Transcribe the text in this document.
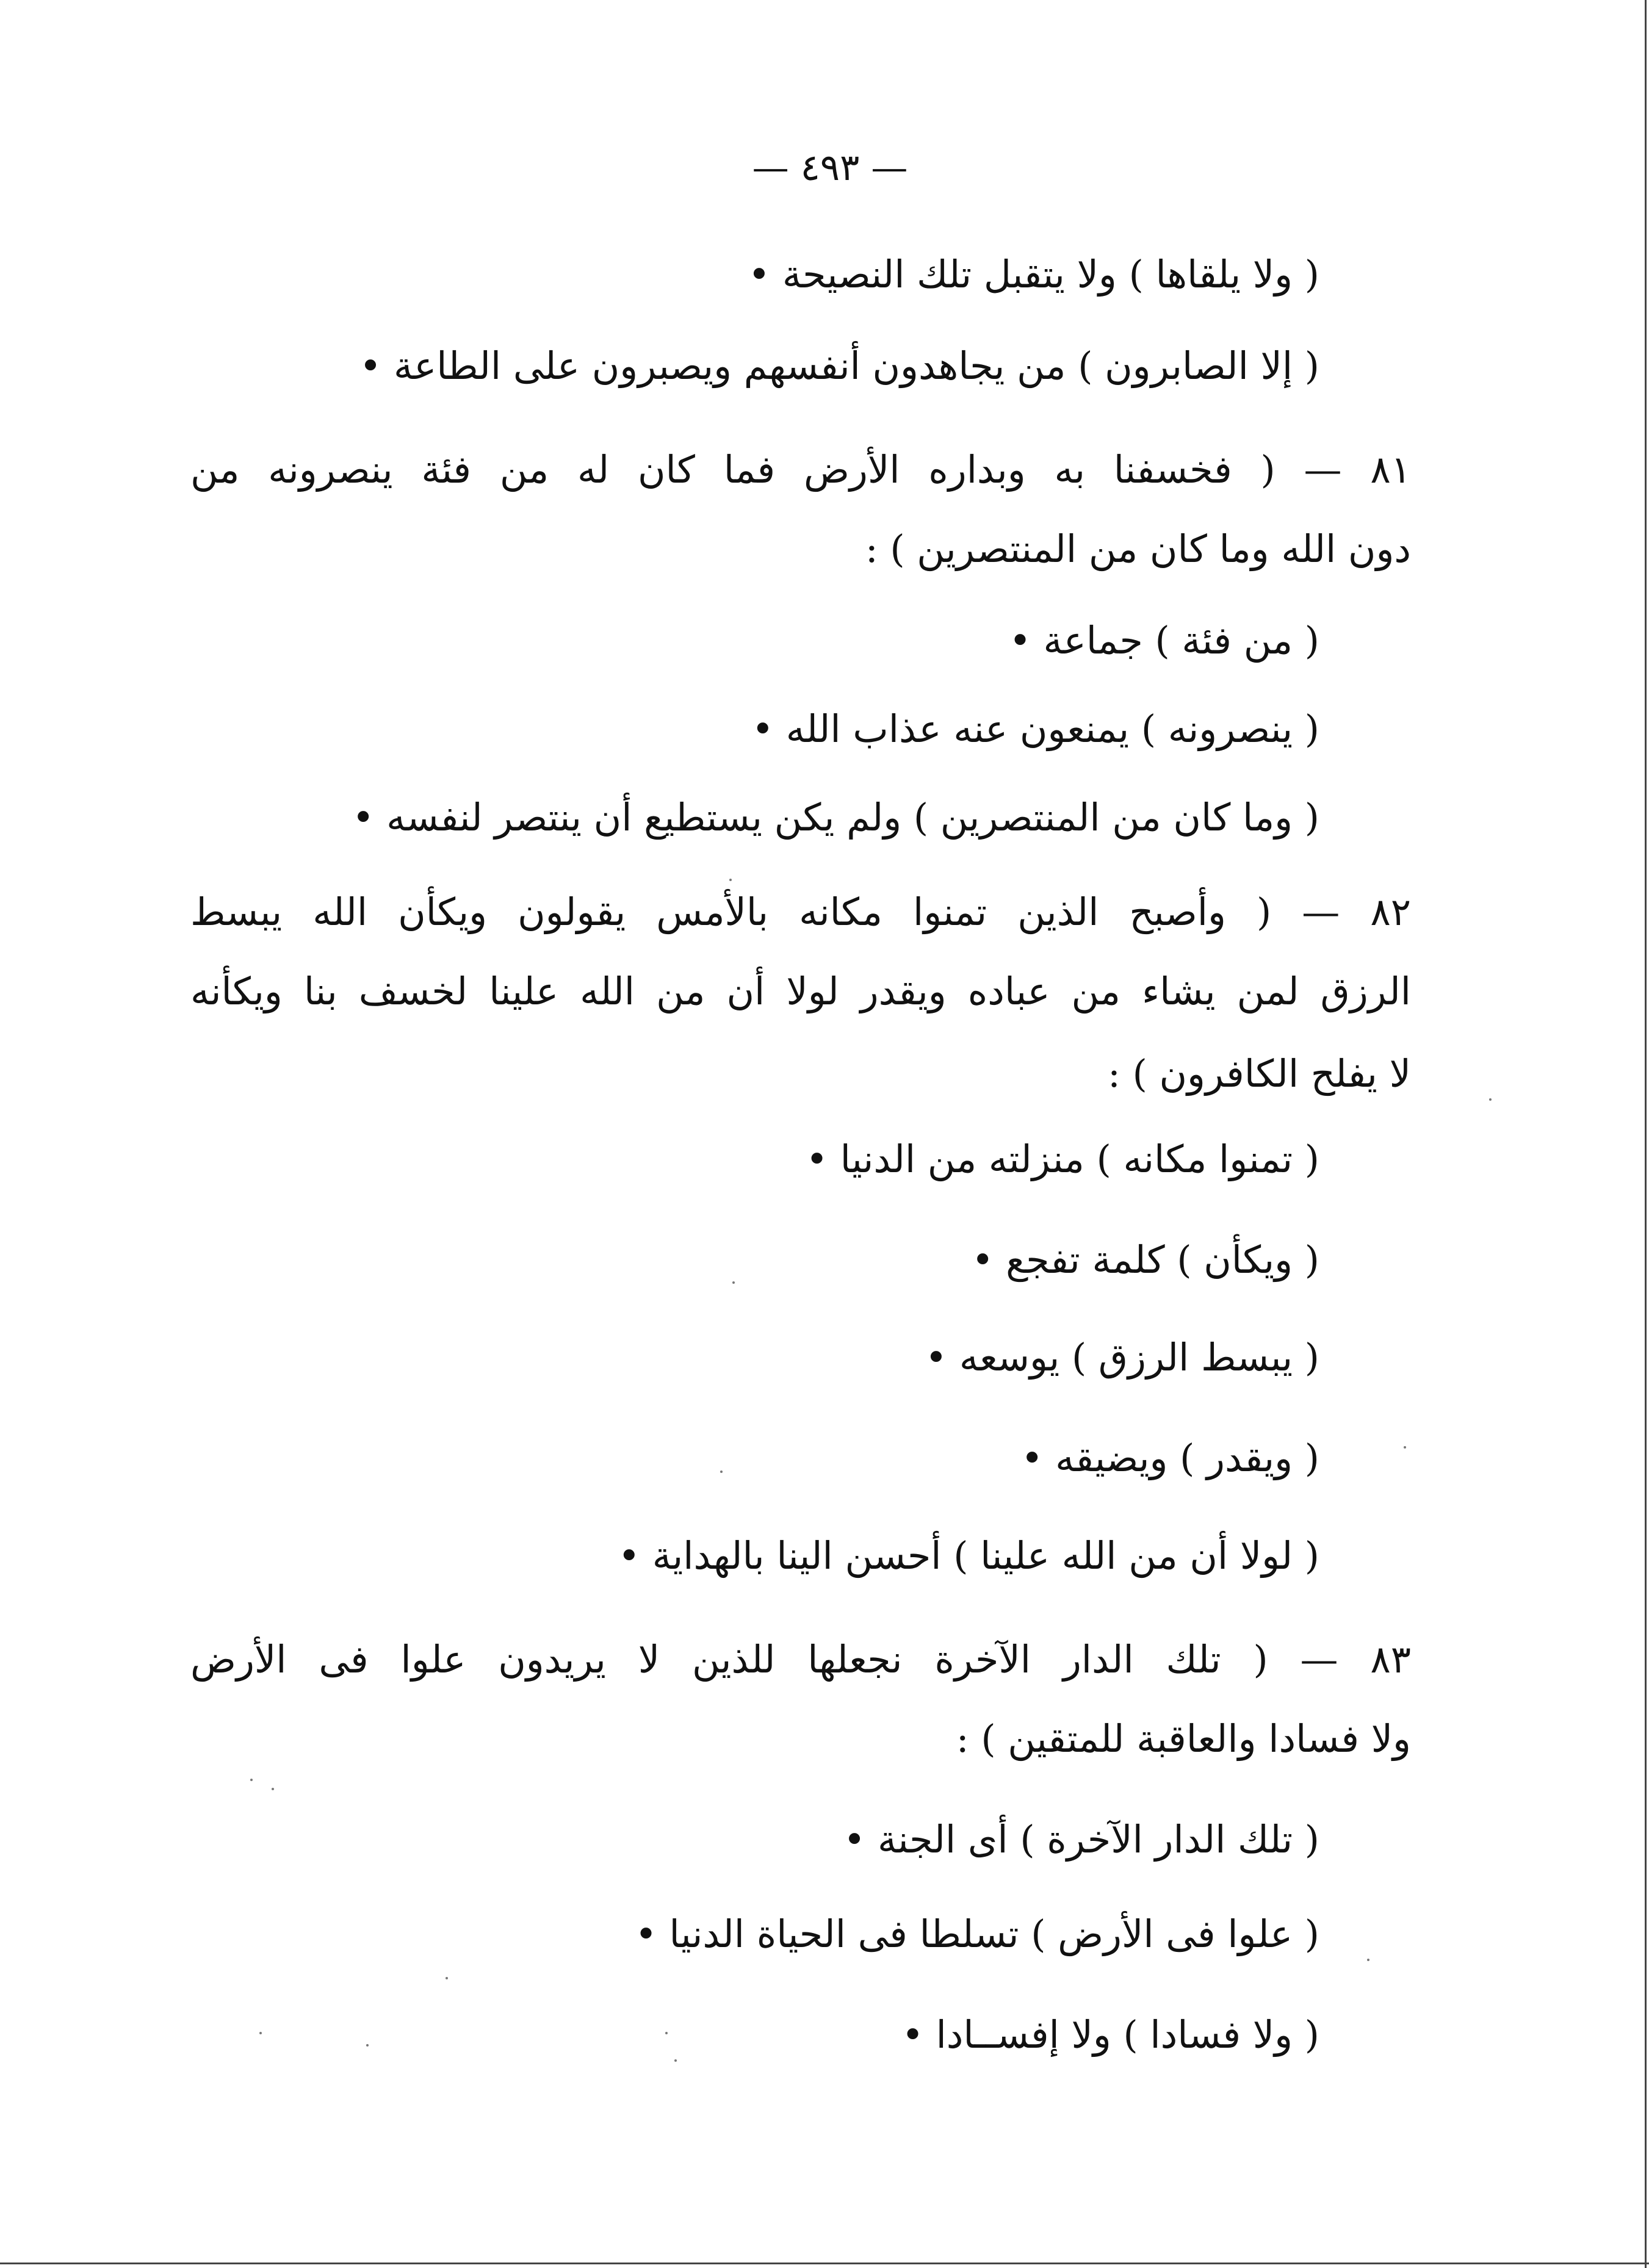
— ٤٩٣ —
( ولا يلقاها ) ولا يتقبل تلك النصيحة •
( إلا الصابرون ) من يجاهدون أنفسهم ويصبرون على الطاعة •
٨١ — ( فخسفنا به وبداره الأرض فما كان له من فئة ينصرونه من
دون الله وما كان من المنتصرين ) :
( من فئة ) جماعة •
( ينصرونه ) يمنعون عنه عذاب الله •
( وما كان من المنتصرين ) ولم يكن يستطيع أن ينتصر لنفسه •
٨٢ — ( وأصبح الذين تمنوا مكانه بالأمس يقولون ويكأن الله يبسط
الرزق لمن يشاء من عباده ويقدر لولا أن من الله علينا لخسف بنا ويكأنه
لا يفلح الكافرون ) :
( تمنوا مكانه ) منزلته من الدنيا •
( ويكأن ) كلمة تفجع •
( يبسط الرزق ) يوسعه •
( ويقدر ) ويضيقه •
( لولا أن من الله علينا ) أحسن الينا بالهداية •
٨٣ — ( تلك الدار الآخرة نجعلها للذين لا يريدون علوا فى الأرض
ولا فسادا والعاقبة للمتقين ) :
( تلك الدار الآخرة ) أى الجنة •
( علوا فى الأرض ) تسلطا فى الحياة الدنيا •
( ولا فسادا ) ولا إفســادا •
